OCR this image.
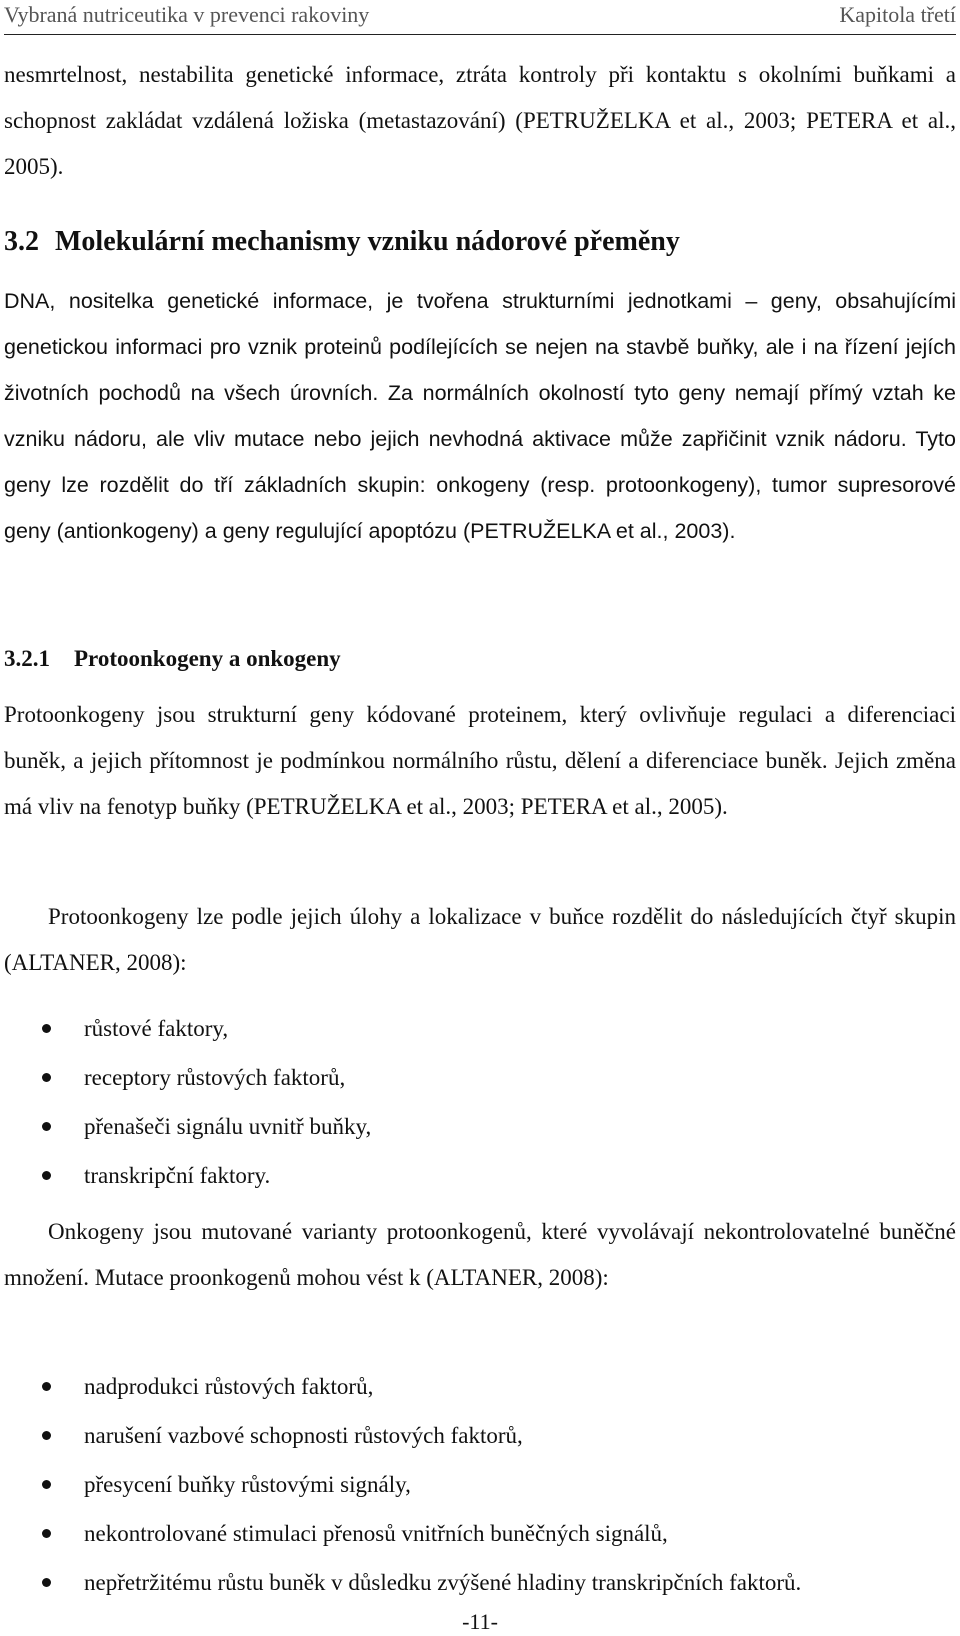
Vybraná nutriceutika v prevenci rakoviny	Kapitola třetí

nesmrtelnost, nestabilita genetické informace, ztráta kontroly při kontaktu s okolními buňkami a schopnost zakládat vzdálená ložiska (metastazování) (PETRUŽELKA et al., 2003; PETERA et al., 2005).

3.2 Molekulární mechanismy vzniku nádorové přeměny

DNA, nositelka genetické informace, je tvořena strukturními jednotkami – geny, obsahujícími genetickou informaci pro vznik proteinů podílejících se nejen na stavbě buňky, ale i na řízení jejích životních pochodů na všech úrovních. Za normálních okolností tyto geny nemají přímý vztah ke vzniku nádoru, ale vliv mutace nebo jejich nevhodná aktivace může zapřičinit vznik nádoru. Tyto geny lze rozdělit do tří základních skupin: onkogeny (resp. protoonkogeny), tumor supresorové geny (antionkogeny) a geny regulující apoptózu (PETRUŽELKA et al., 2003).

3.2.1 Protoonkogeny a onkogeny

Protoonkogeny jsou strukturní geny kódované proteinem, který ovlivňuje regulaci a diferenciaci buněk, a jejich přítomnost je podmínkou normálního růstu, dělení a diferenciace buněk. Jejich změna má vliv na fenotyp buňky (PETRUŽELKA et al., 2003; PETERA et al., 2005).

Protoonkogeny lze podle jejich úlohy a lokalizace v buňce rozdělit do následujících čtyř skupin (ALTANER, 2008):

růstové faktory,
receptory růstových faktorů,
přenašeči signálu uvnitř buňky,
transkripční faktory.

Onkogeny jsou mutované varianty protoonkogenů, které vyvolávají nekontrolovatelné buněčné množení. Mutace proonkogenů mohou vést k (ALTANER, 2008):

nadprodukci růstových faktorů,
narušení vazbové schopnosti růstových faktorů,
přesycení buňky růstovými signály,
nekontrolované stimulaci přenosů vnitřních buněčných signálů,
nepřetržitému růstu buněk v důsledku zvýšené hladiny transkripčních faktorů.
-11-
